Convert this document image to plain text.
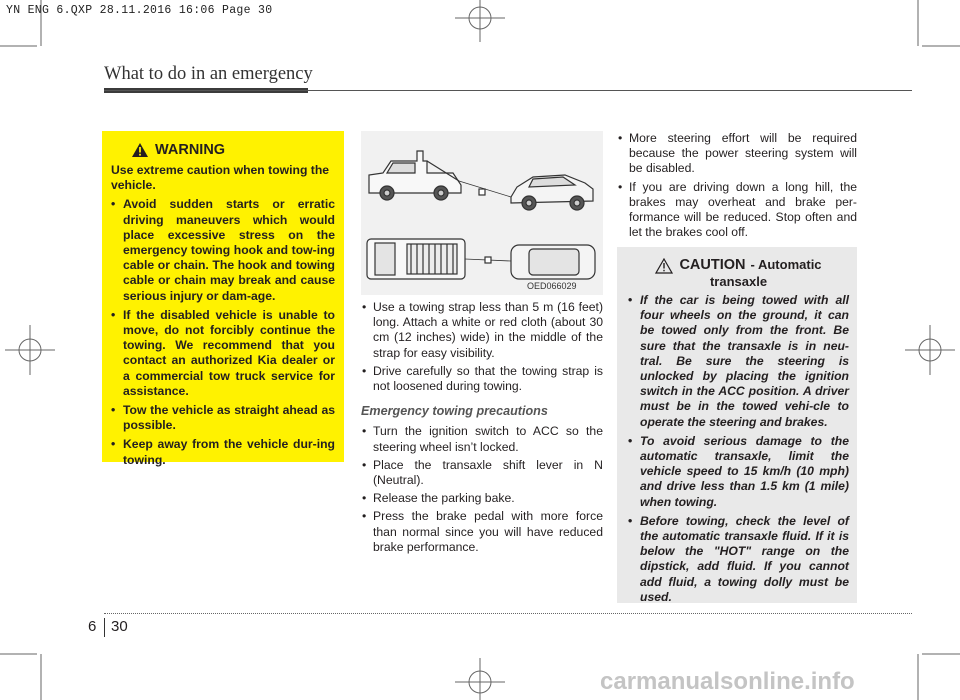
YN ENG 6.QXP 28.11.2016 16:06 Page 30
What to do in an emergency
WARNING
Use extreme caution when towing the vehicle.
• Avoid sudden starts or erratic driving maneuvers which would place excessive stress on the emergency towing hook and tow-ing cable or chain. The hook and towing cable or chain may break and cause serious injury or dam-age.
• If the disabled vehicle is unable to move, do not forcibly continue the towing. We recommend that you contact an authorized Kia dealer or a commercial tow truck service for assistance.
• Tow the vehicle as straight ahead as possible.
• Keep away from the vehicle dur-ing towing.
OED066029
• Use a towing strap less than 5 m (16 feet) long. Attach a white or red cloth (about 30 cm (12 inches) wide) in the middle of the strap for easy visibility.
• Drive carefully so that the towing strap is not loosened during towing.
Emergency towing precautions
• Turn the ignition switch to ACC so the steering wheel isn’t locked.
• Place the transaxle shift lever in N (Neutral).
• Release the parking bake.
• Press the brake pedal with more force than normal since you will have reduced brake performance.
• More steering effort will be required because the power steering system will be disabled.
• If you are driving down a long hill, the brakes may overheat and brake per-formance will be reduced. Stop often and let the brakes cool off.
CAUTION - Automatic
transaxle
• If the car is being towed with all four wheels on the ground, it can be towed only from the front. Be sure that the transaxle is in neu-tral. Be sure the steering is unlocked by placing the ignition switch in the ACC position. A driver must be in the towed vehi-cle to operate the steering and brakes.
• To avoid serious damage to the automatic transaxle, limit the vehicle speed to 15 km/h (10 mph) and drive less than 1.5 km (1 mile) when towing.
• Before towing, check the level of the automatic transaxle fluid. If it is below the "HOT" range on the dipstick, add fluid. If you cannot add fluid, a towing dolly must be used.
6 30
carmanualsonline.info
